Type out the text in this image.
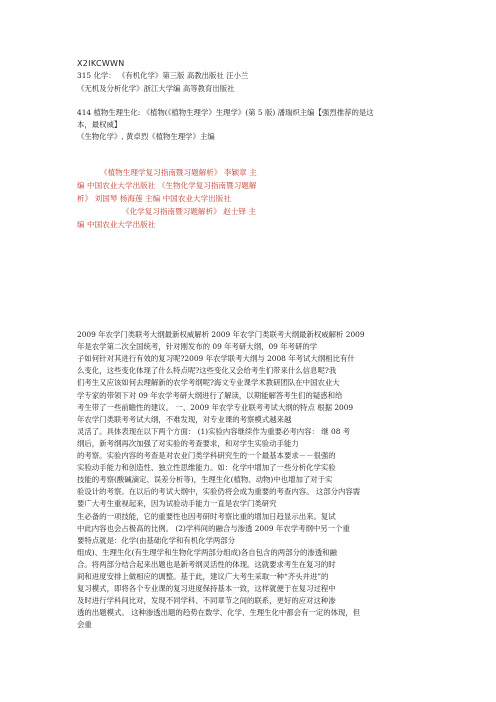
X2IKCWWN
315 化学： 《有机化学》第三版 高教出版社 汪小兰
《无机及分析化学》浙江大学编 高等教育出版社
414 植物生理生化: 《植物(《植物生理学》生理学》(第 5 版) 潘瑞炽主编【强烈推荐的是这
本，最权威】
《生物化学》, 黄卓烈《植物生理学》主编
《植物生理学复习指南暨习题解析》 李颖章 主
编 中国农业大学出版社 《生物化学复习指南暨习题解
析》 刘国琴 杨海莲 主编 中国农业大学出版社
《化学复习指南暨习题解析》 赵士铎 主
编 中国农业大学出版社
2009 年农学门类联考大纲最新权威解析 2009 年农学门类联考大纲最新权威解析 2009
年是农学第二次全国统考，针对刚发布的 09 年考研大纲，09 年考研的学
子如何针对其进行有效的复习呢?2009 年农学联考大纲与 2008 年考试大纲相比有什
么变化，这些变化体现了什么特点呢?这些变化又会给考生们带来什么信息呢?我
们考生又应该如何去理解新的农学考纲呢?海文专业课学术教研团队在中国农业大
学专家的带领下对 09 年农学考研大纲进行了解读，以期能解答考生们的疑惑和给
考生带了一些前瞻性的建议。 一、2009 年农学专业联考考试大纲的特点 根据 2009
年农学门类联考考试大纲，不难发现，对专业课的考察模式越来越
灵活了。具体表现在以下两个方面： (1)实验内容继续作为重要必考内容： 继 08 考
纲后，新考纲再次加强了对实验的考查要求，和对学生实验动手能力
的考察。实验内容的考查是对农业门类学科研究生的一个最基本要求－－很强的
实验动手能力和创造性、独立性思维能力。如：化学中增加了一些分析化学实验
技能的考察(酸碱滴定、误差分析等)，生理生化(植物、动物)中也增加了对于实
验设计的考察。在以后的考试大纲中，实验仍将会成为重要的考查内容。 这部分内容需
要广大考生重视起来，因为试验动手能力一直是农学门类研究
生必备的一项技能，它的重要性也因考研时考察比重的增加日趋显示出来。复试
中此内容也会占极高的比例。 (2)学科间的融合与渗透 2009 年农学考纲中另一个重
要特点就是：化学(由基础化学和有机化学两部分
组成)、生理生化(有生理学和生物化学两部分组成)各自包含的两部分的渗透和融
合。将两部分结合起来出题也是新考纲灵活性的体现。这就要求考生在复习的时
间和进度安排上做相应的调整。基于此，建议广大考生采取一种“齐头并进”的
复习模式，即将各个专业课的复习进度保持基本一致，这样就便于在复习过程中
及时进行学科间比对，发现不同学科、不同章节之间的联系，更好的应对这种渗
透的出题模式。 这种渗透出题的趋势在数学、化学、生理生化中都会有一定的体现，但
会重
